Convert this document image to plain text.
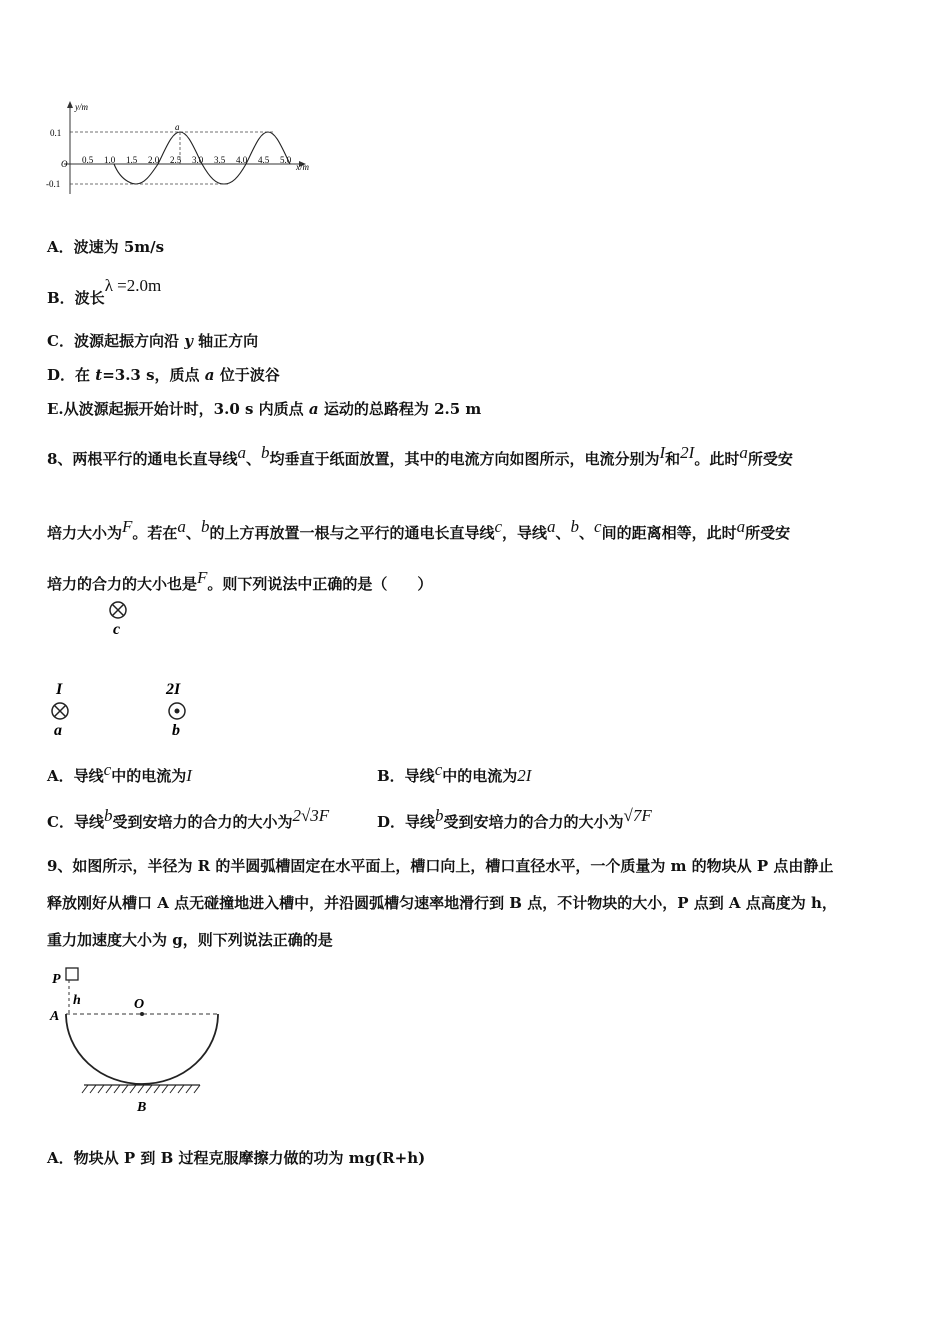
y/m
x/m
0.1
O
-0.1
0.5 1.0 1.5 2.0 2.5 3.0 3.5 4.0 4.5 5.0
a
A．波速为 5m/s
B．波长λ =2.0m
C．波源起振方向沿 y 轴正方向
D．在 t=3.3 s，质点 a 位于波谷
E.从波源起振开始计时，3.0 s 内质点 a 运动的总路程为 2.5 m
8、两根平行的通电长直导线a、b均垂直于纸面放置，其中的电流方向如图所示，电流分别为I和2I。此时a所受安
培力大小为F。若在a、b的上方再放置一根与之平行的通电长直导线c，导线a、b、c间的距离相等，此时a所受安
培力的合力的大小也是F。则下列说法中正确的是（　　）
c
I
a
2I
b
A．导线c中的电流为I	B．导线c中的电流为2I
C．导线b受到安培力的合力的大小为2√3F	D．导线b受到安培力的合力的大小为√7F
9、如图所示，半径为 R 的半圆弧槽固定在水平面上，槽口向上，槽口直径水平，一个质量为 m 的物块从 P 点由静止
释放刚好从槽口 A 点无碰撞地进入槽中，并沿圆弧槽匀速率地滑行到 B 点，不计物块的大小，P 点到 A 点高度为 h，
重力加速度大小为 g，则下列说法正确的是
P
h
A
O
B
A．物块从 P 到 B 过程克服摩擦力做的功为 mg(R+h)
